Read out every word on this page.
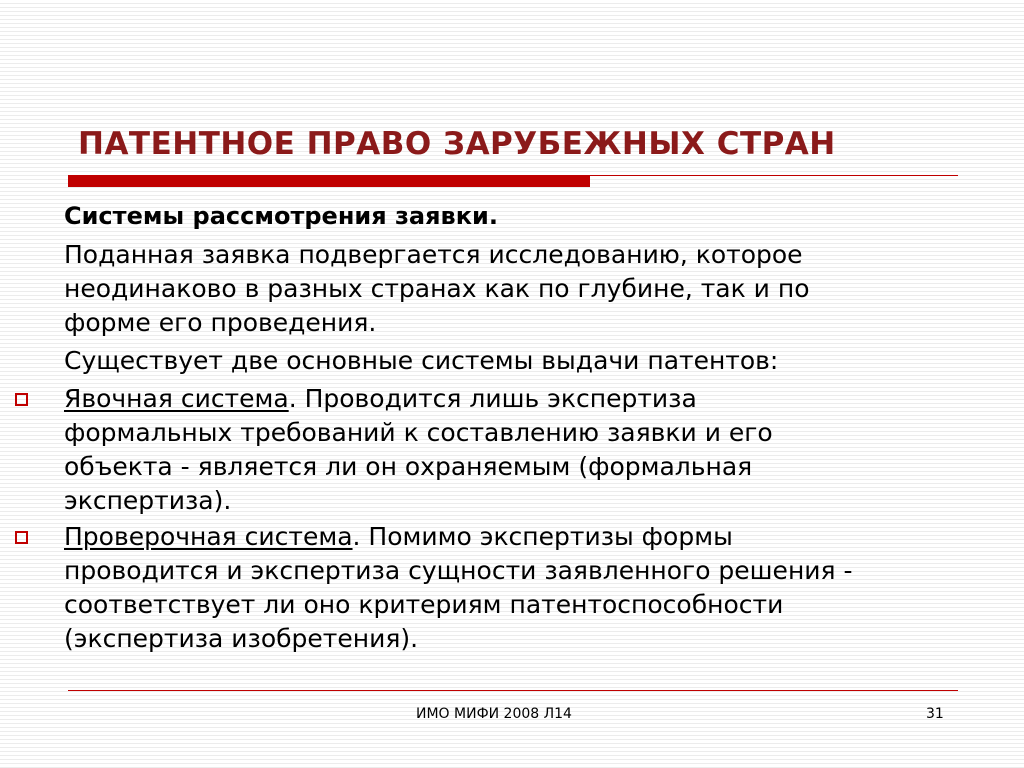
ПАТЕНТНОЕ ПРАВО ЗАРУБЕЖНЫХ СТРАН

Системы рассмотрения заявки.

Поданная заявка подвергается исследованию, которое

неодинаково в разных странах как по глубине, так и по

форме его проведения.

Существует две основные системы выдачи патентов:

Явочная система. Проводится лишь экспертиза

формальных требований к составлению заявки и его

объекта - является ли он охраняемым (формальная

экспертиза).

Проверочная система. Помимо экспертизы формы

проводится и экспертиза сущности заявленного решения -

соответствует ли оно критериям патентоспособности

(экспертиза изобретения).

ИМО МИФИ 2008 Л14	31
